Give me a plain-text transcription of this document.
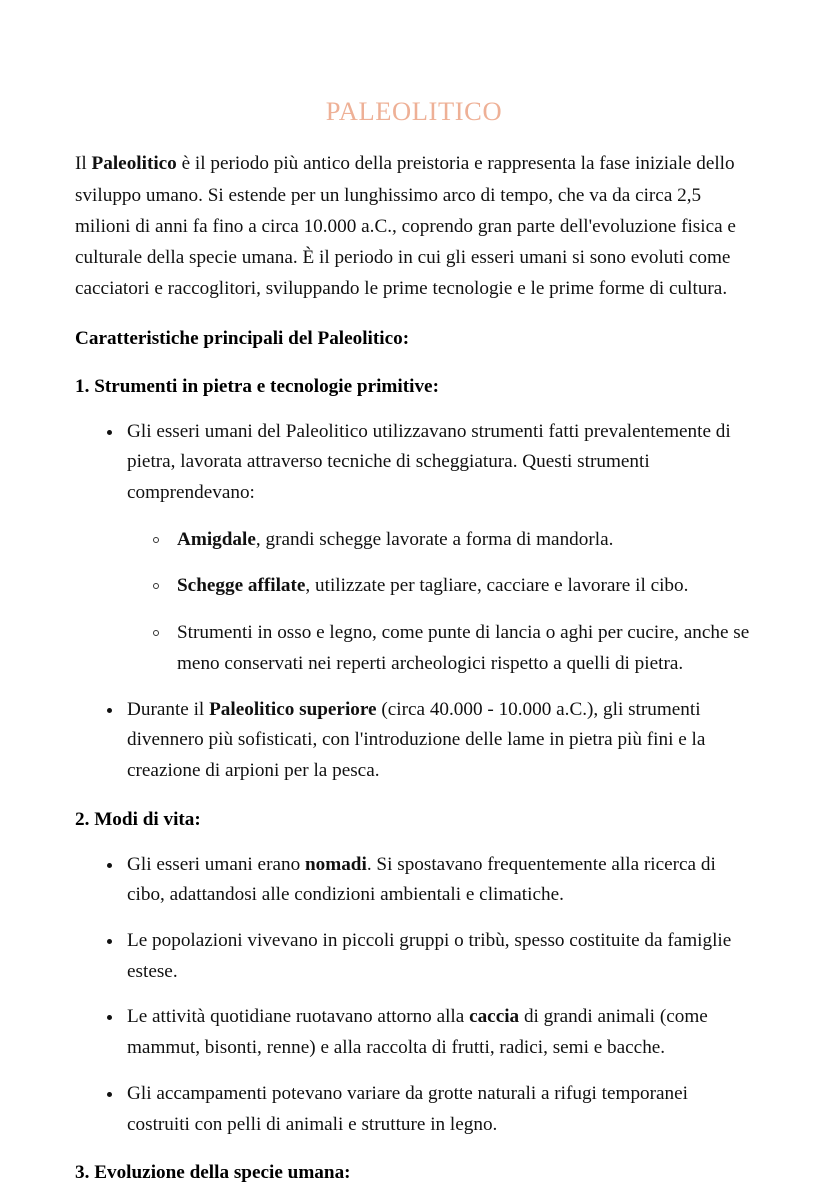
PALEOLITICO

Il Paleolitico è il periodo più antico della preistoria e rappresenta la fase iniziale dello sviluppo umano. Si estende per un lunghissimo arco di tempo, che va da circa 2,5 milioni di anni fa fino a circa 10.000 a.C., coprendo gran parte dell'evoluzione fisica e culturale della specie umana. È il periodo in cui gli esseri umani si sono evoluti come cacciatori e raccoglitori, sviluppando le prime tecnologie e le prime forme di cultura.

Caratteristiche principali del Paleolitico:

1. Strumenti in pietra e tecnologie primitive:

Gli esseri umani del Paleolitico utilizzavano strumenti fatti prevalentemente di pietra, lavorata attraverso tecniche di scheggiatura. Questi strumenti comprendevano:
Amigdale, grandi schegge lavorate a forma di mandorla.
Schegge affilate, utilizzate per tagliare, cacciare e lavorare il cibo.
Strumenti in osso e legno, come punte di lancia o aghi per cucire, anche se meno conservati nei reperti archeologici rispetto a quelli di pietra.
Durante il Paleolitico superiore (circa 40.000 - 10.000 a.C.), gli strumenti divennero più sofisticati, con l'introduzione delle lame in pietra più fini e la creazione di arpioni per la pesca.

2. Modi di vita:

Gli esseri umani erano nomadi. Si spostavano frequentemente alla ricerca di cibo, adattandosi alle condizioni ambientali e climatiche.
Le popolazioni vivevano in piccoli gruppi o tribù, spesso costituite da famiglie estese.
Le attività quotidiane ruotavano attorno alla caccia di grandi animali (come mammut, bisonti, renne) e alla raccolta di frutti, radici, semi e bacche.
Gli accampamenti potevano variare da grotte naturali a rifugi temporanei costruiti con pelli di animali e strutture in legno.

3. Evoluzione della specie umana:
